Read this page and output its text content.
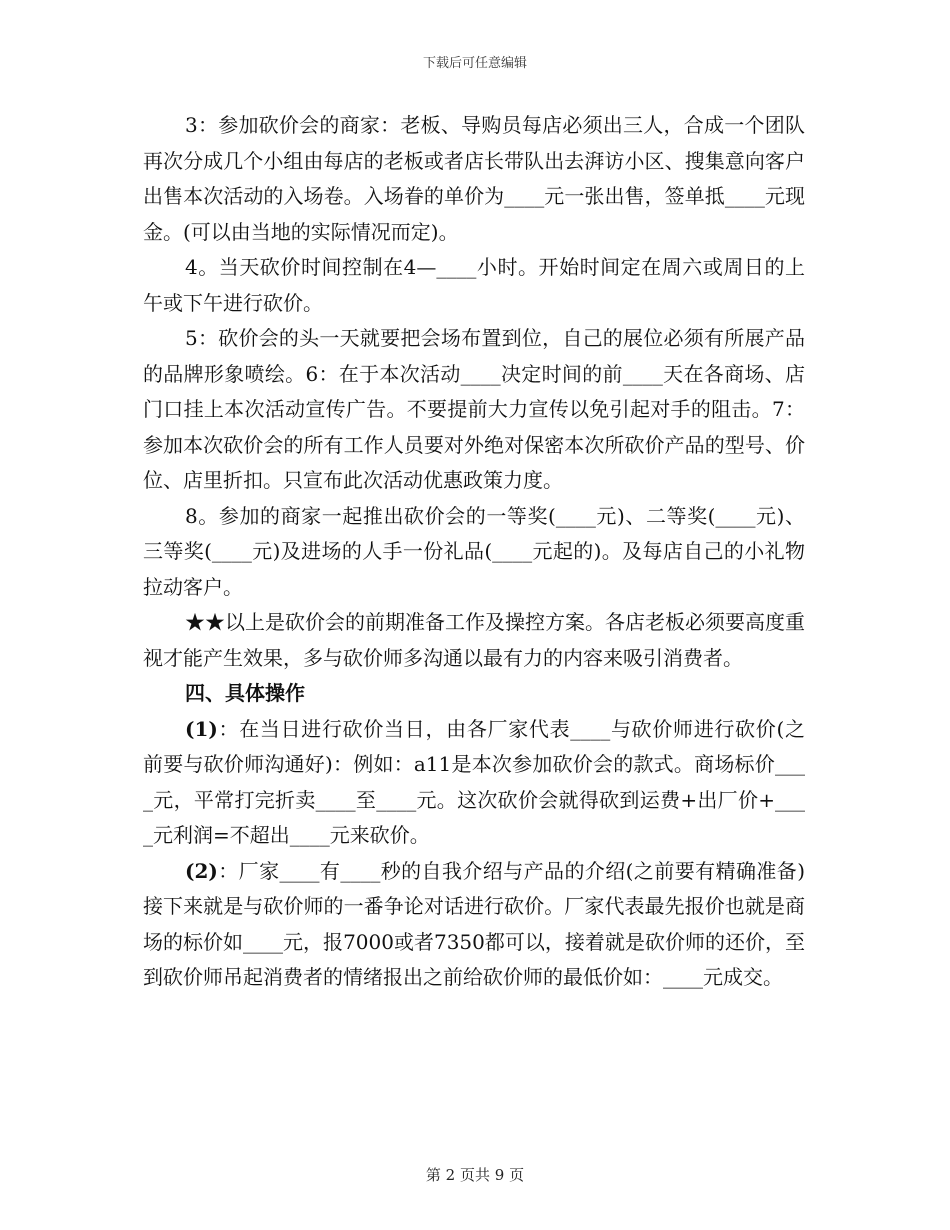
下载后可任意编辑

3：参加砍价会的商家：老板、导购员每店必须出三人，合成一个团队再次分成几个小组由每店的老板或者店长带队出去湃访小区、搜集意向客户出售本次活动的入场卷。入场眷的单价为____元一张出售，签单抵____元现金。(可以由当地的实际情况而定)。

4。当天砍价时间控制在4—____小时。开始时间定在周六或周日的上午或下午进行砍价。

5：砍价会的头一天就要把会场布置到位，自己的展位必须有所展产品的品牌形象喷绘。6：在于本次活动____决定时间的前____天在各商场、店门口挂上本次活动宣传广告。不要提前大力宣传以免引起对手的阻击。7：参加本次砍价会的所有工作人员要对外绝对保密本次所砍价产品的型号、价位、店里折扣。只宣布此次活动优惠政策力度。

8。参加的商家一起推出砍价会的一等奖(____元)、二等奖(____元)、三等奖(____元)及进场的人手一份礼品(____元起的)。及每店自己的小礼物拉动客户。

★★以上是砍价会的前期准备工作及操控方案。各店老板必须要高度重视才能产生效果，多与砍价师多沟通以最有力的内容来吸引消费者。

四、具体操作

(1)：在当日进行砍价当日，由各厂家代表____与砍价师进行砍价(之前要与砍价师沟通好)：例如：a11是本次参加砍价会的款式。商场标价____元，平常打完折卖____至____元。这次砍价会就得砍到运费+出厂价+____元利润=不超出____元来砍价。

(2)：厂家____有____秒的自我介绍与产品的介绍(之前要有精确准备)接下来就是与砍价师的一番争论对话进行砍价。厂家代表最先报价也就是商场的标价如____元，报7000或者7350都可以，接着就是砍价师的还价，至到砍价师吊起消费者的情绪报出之前给砍价师的最低价如：____元成交。

第 2 页共 9 页
